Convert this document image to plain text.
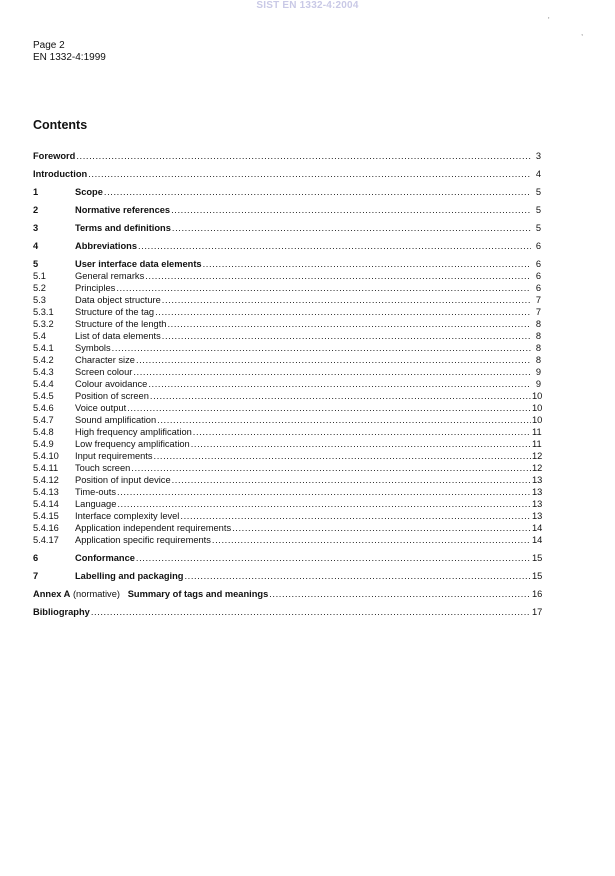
SIST EN 1332-4:2004
'
,
Page 2
EN 1332-4:1999
Contents
Foreword .....	3
Introduction .....	4
1	Scope .....	5
2	Normative references .....	5
3	Terms and definitions .....	5
4	Abbreviations .....	6
5	User interface data elements .....	6
5.1	General remarks .....	6
5.2	Principles .....	6
5.3	Data object structure .....	7
5.3.1	Structure of the tag .....	7
5.3.2	Structure of the length .....	8
5.4	List of data elements .....	8
5.4.1	Symbols .....	8
5.4.2	Character size .....	8
5.4.3	Screen colour .....	9
5.4.4	Colour avoidance .....	9
5.4.5	Position of screen .....	10
5.4.6	Voice output .....	10
5.4.7	Sound amplification .....	10
5.4.8	High frequency amplification .....	11
5.4.9	Low frequency amplification .....	11
5.4.10	Input requirements .....	12
5.4.11	Touch screen .....	12
5.4.12	Position of input device .....	13
5.4.13	Time-outs .....	13
5.4.14	Language .....	13
5.4.15	Interface complexity level .....	13
5.4.16	Application independent requirements .....	14
5.4.17	Application specific requirements .....	14
6	Conformance .....	15
7	Labelling and packaging .....	15
Annex A (normative)   Summary of tags and meanings .....	16
Bibliography .....	17
